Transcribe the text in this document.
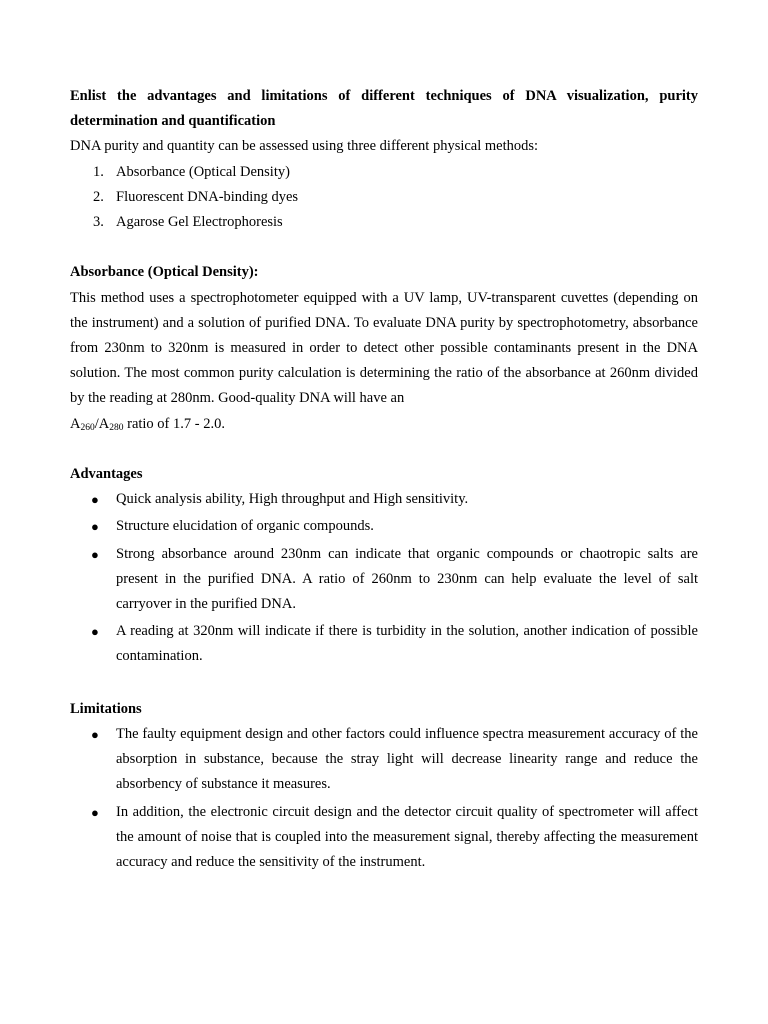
Enlist the advantages and limitations of different techniques of DNA visualization, purity determination and quantification

DNA purity and quantity can be assessed using three different physical methods:

1. Absorbance (Optical Density)
2. Fluorescent DNA-binding dyes
3. Agarose Gel Electrophoresis

Absorbance (Optical Density):

This method uses a spectrophotometer equipped with a UV lamp, UV-transparent cuvettes (depending on the instrument) and a solution of purified DNA. To evaluate DNA purity by spectrophotometry, absorbance from 230nm to 320nm is measured in order to detect other possible contaminants present in the DNA solution. The most common purity calculation is determining the ratio of the absorbance at 260nm divided by the reading at 280nm. Good-quality DNA will have an
$A_{260}/A_{280}$ ratio of 1.7 - 2.0.

Advantages

● Quick analysis ability, High throughput and High sensitivity.
● Structure elucidation of organic compounds.
● Strong absorbance around 230nm can indicate that organic compounds or chaotropic salts are present in the purified DNA. A ratio of 260nm to 230nm can help evaluate the level of salt carryover in the purified DNA.
● A reading at 320nm will indicate if there is turbidity in the solution, another indication of possible contamination.

Limitations

● The faulty equipment design and other factors could influence spectra measurement accuracy of the absorption in substance, because the stray light will decrease linearity range and reduce the absorbency of substance it measures.
● In addition, the electronic circuit design and the detector circuit quality of spectrometer will affect the amount of noise that is coupled into the measurement signal, thereby affecting the measurement accuracy and reduce the sensitivity of the instrument.
